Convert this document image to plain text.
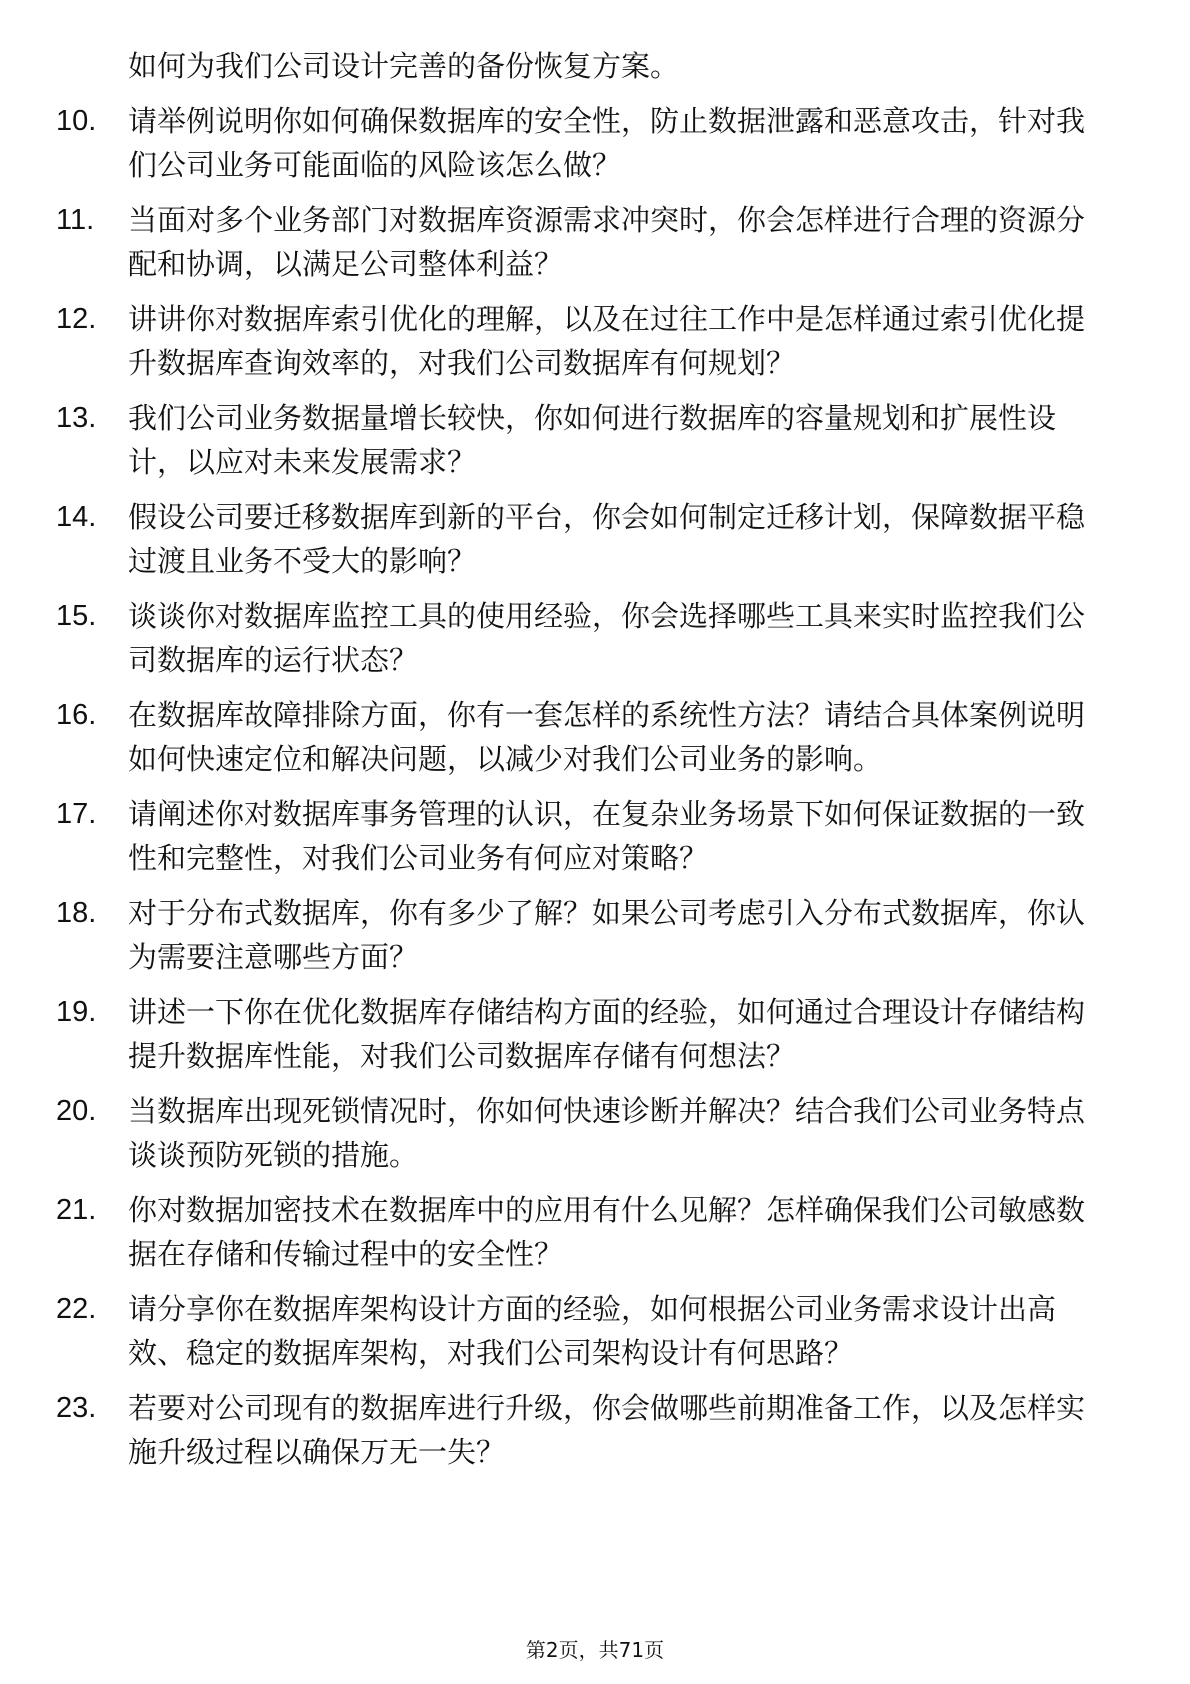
如何为我们公司设计完善的备份恢复方案。
10.	请举例说明你如何确保数据库的安全性，防止数据泄露和恶意攻击，针对我们公司业务可能面临的风险该怎么做？
11.	当面对多个业务部门对数据库资源需求冲突时，你会怎样进行合理的资源分配和协调，以满足公司整体利益？
12.	讲讲你对数据库索引优化的理解，以及在过往工作中是怎样通过索引优化提升数据库查询效率的，对我们公司数据库有何规划？
13.	我们公司业务数据量增长较快，你如何进行数据库的容量规划和扩展性设计，以应对未来发展需求？
14.	假设公司要迁移数据库到新的平台，你会如何制定迁移计划，保障数据平稳过渡且业务不受大的影响？
15.	谈谈你对数据库监控工具的使用经验，你会选择哪些工具来实时监控我们公司数据库的运行状态？
16.	在数据库故障排除方面，你有一套怎样的系统性方法？请结合具体案例说明如何快速定位和解决问题，以减少对我们公司业务的影响。
17.	请阐述你对数据库事务管理的认识，在复杂业务场景下如何保证数据的一致性和完整性，对我们公司业务有何应对策略？
18.	对于分布式数据库，你有多少了解？如果公司考虑引入分布式数据库，你认为需要注意哪些方面？
19.	讲述一下你在优化数据库存储结构方面的经验，如何通过合理设计存储结构提升数据库性能，对我们公司数据库存储有何想法？
20.	当数据库出现死锁情况时，你如何快速诊断并解决？结合我们公司业务特点谈谈预防死锁的措施。
21.	你对数据加密技术在数据库中的应用有什么见解？怎样确保我们公司敏感数据在存储和传输过程中的安全性？
22.	请分享你在数据库架构设计方面的经验，如何根据公司业务需求设计出高效、稳定的数据库架构，对我们公司架构设计有何思路？
23.	若要对公司现有的数据库进行升级，你会做哪些前期准备工作，以及怎样实施升级过程以确保万无一失？
第2页，共71页
